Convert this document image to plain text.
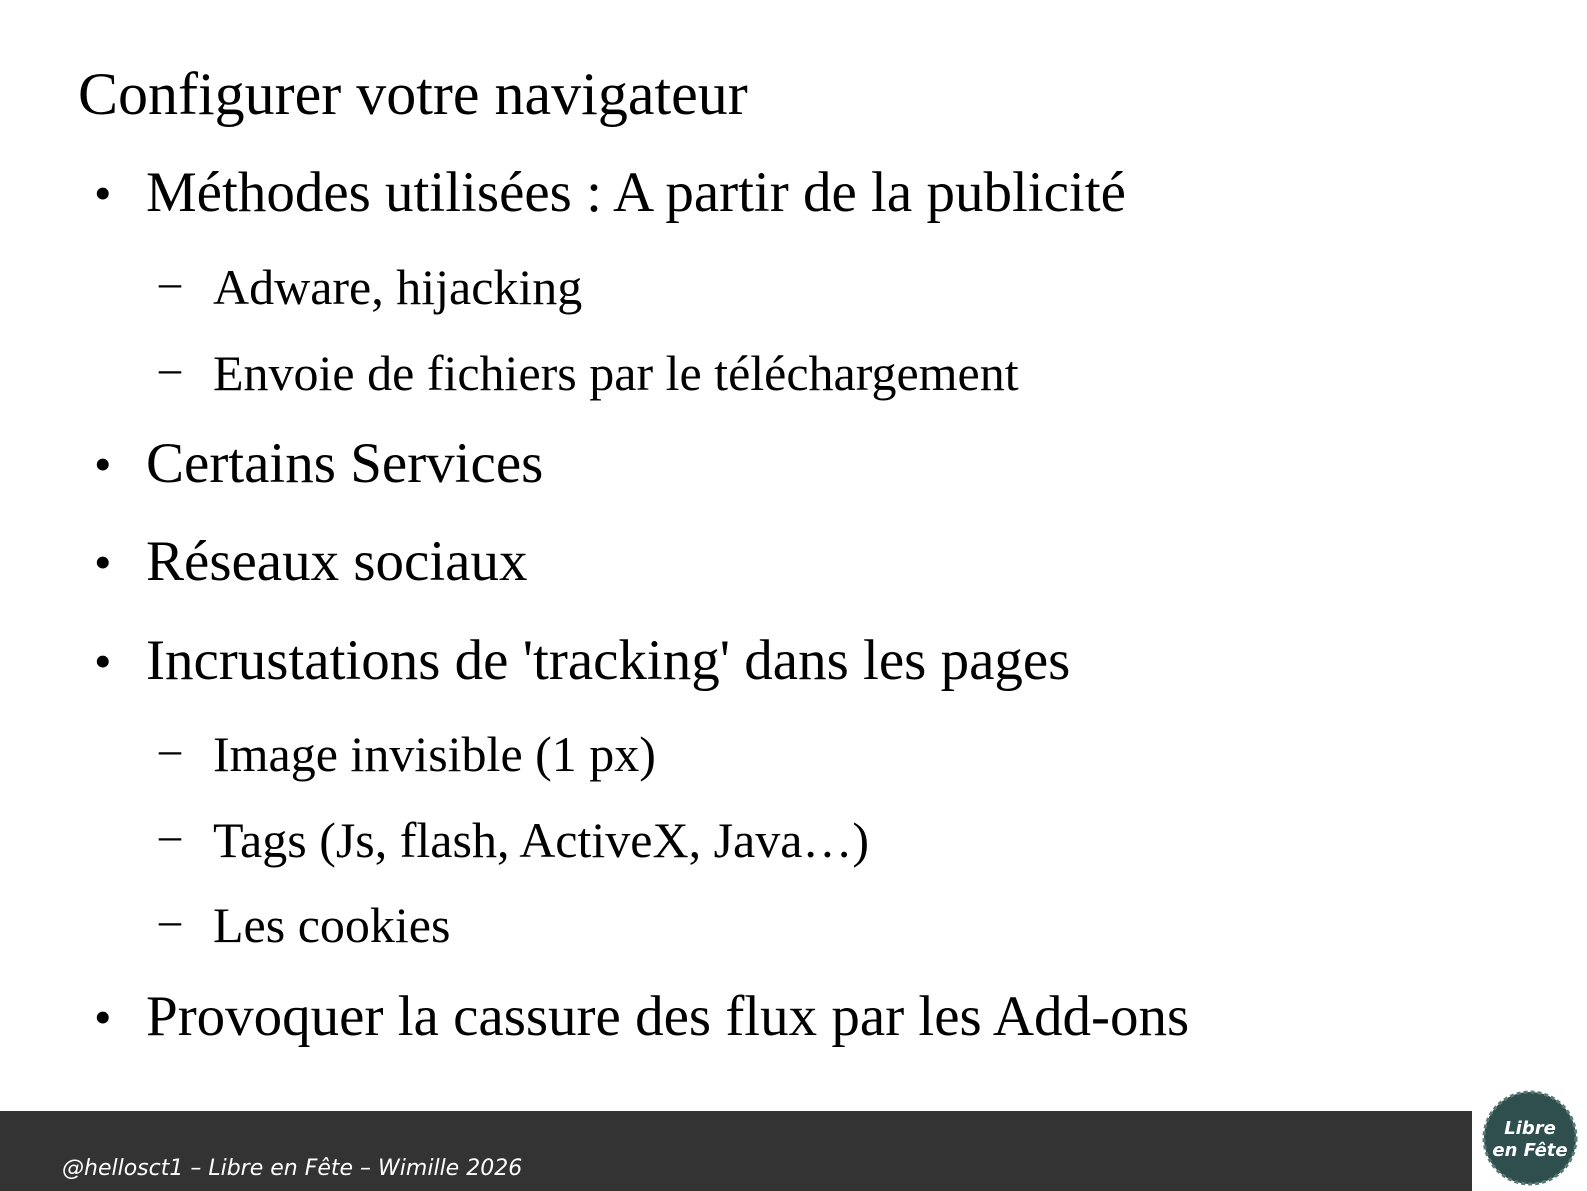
Configurer votre navigateur
• Méthodes utilisées : A partir de la publicité
– Adware, hijacking
– Envoie de fichiers par le téléchargement
• Certains Services
• Réseaux sociaux
• Incrustations de 'tracking' dans les pages
– Image invisible (1 px)
– Tags (Js, flash, ActiveX, Java…)
– Les cookies
• Provoquer la cassure des flux par les Add-ons
@hellosct1 – Libre en Fête – Wimille 2026
Libre
en Fête
